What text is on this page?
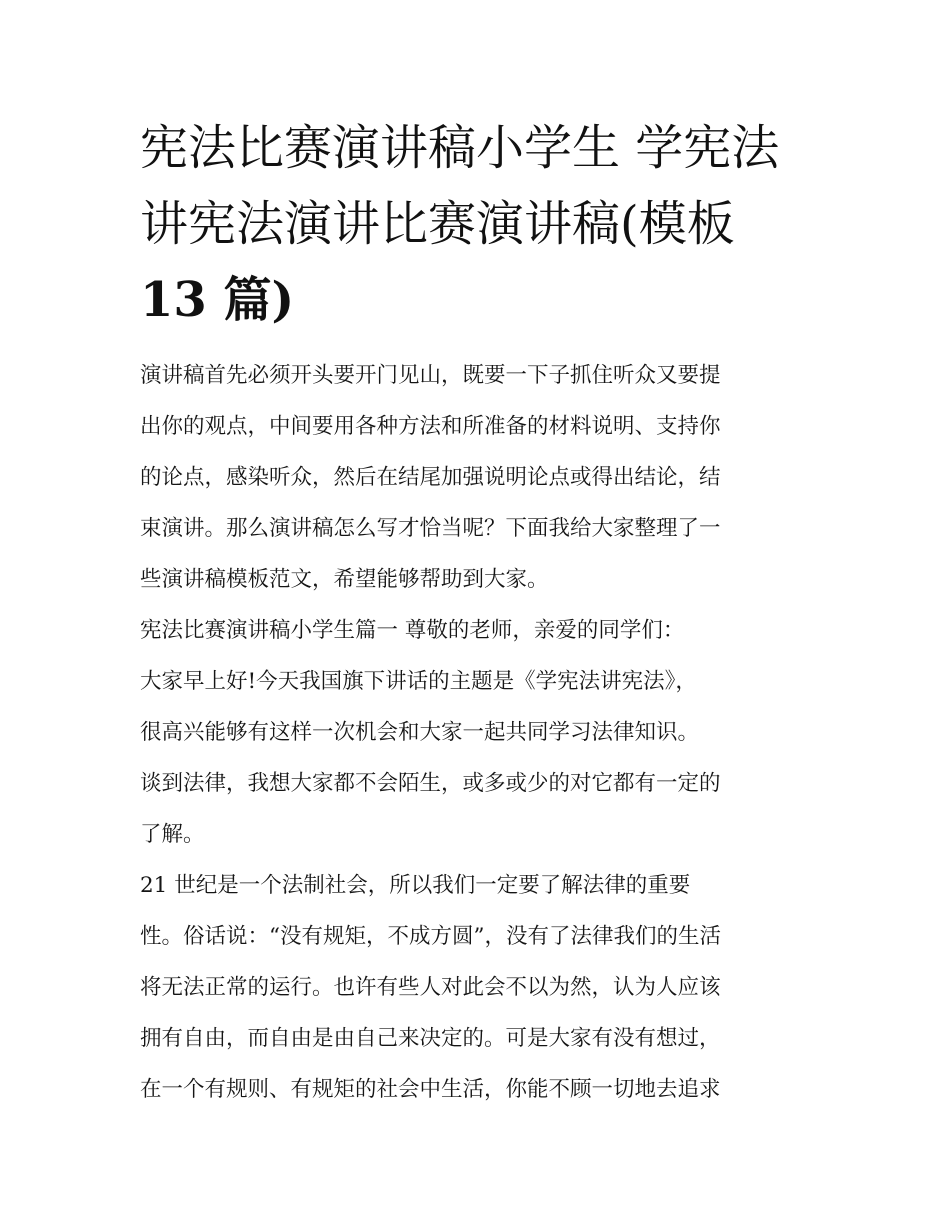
宪法比赛演讲稿小学生 学宪法
讲宪法演讲比赛演讲稿(模板
13 篇)

演讲稿首先必须开头要开门见山，既要一下子抓住听众又要提
出你的观点，中间要用各种方法和所准备的材料说明、支持你
的论点，感染听众，然后在结尾加强说明论点或得出结论，结
束演讲。那么演讲稿怎么写才恰当呢？下面我给大家整理了一
些演讲稿模板范文，希望能够帮助到大家。

宪法比赛演讲稿小学生篇一 尊敬的老师，亲爱的同学们：

大家早上好!今天我国旗下讲话的主题是《学宪法讲宪法》，
很高兴能够有这样一次机会和大家一起共同学习法律知识。

谈到法律，我想大家都不会陌生，或多或少的对它都有一定的
了解。

21 世纪是一个法制社会，所以我们一定要了解法律的重要
性。俗话说：“没有规矩，不成方圆”，没有了法律我们的生活
将无法正常的运行。也许有些人对此会不以为然，认为人应该
拥有自由，而自由是由自己来决定的。可是大家有没有想过，
在一个有规则、有规矩的社会中生活，你能不顾一切地去追求
